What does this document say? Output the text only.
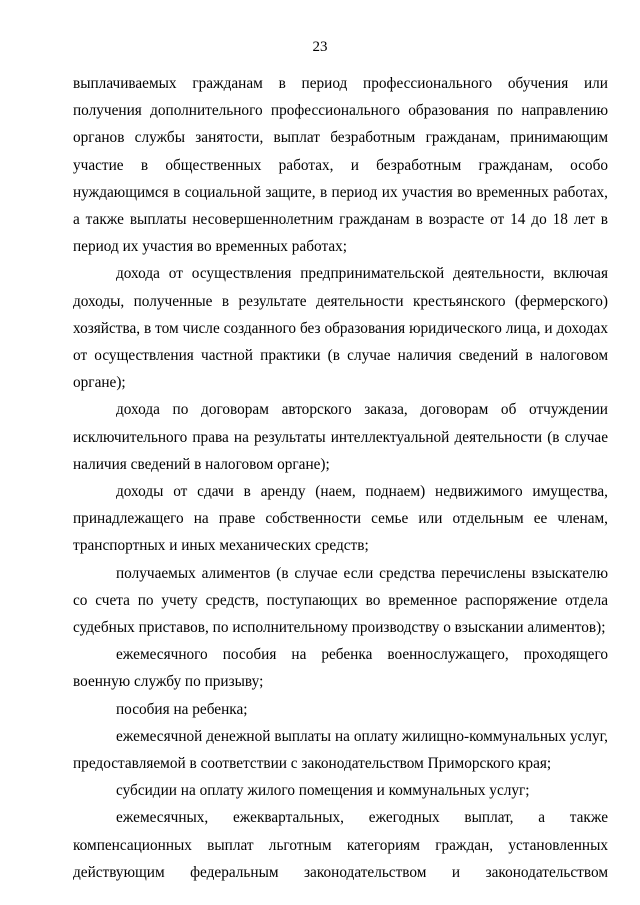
23

выплачиваемых гражданам в период профессионального обучения или получения дополнительного профессионального образования по направлению органов службы занятости, выплат безработным гражданам, принимающим участие в общественных работах, и безработным гражданам, особо нуждающимся в социальной защите, в период их участия во временных работах, а также выплаты несовершеннолетним гражданам в возрасте от 14 до 18 лет в период их участия во временных работах;

дохода от осуществления предпринимательской деятельности, включая доходы, полученные в результате деятельности крестьянского (фермерского) хозяйства, в том числе созданного без образования юридического лица, и доходах от осуществления частной практики (в случае наличия сведений в налоговом органе);

дохода по договорам авторского заказа, договорам об отчуждении исключительного права на результаты интеллектуальной деятельности (в случае наличия сведений в налоговом органе);

доходы от сдачи в аренду (наем, поднаем) недвижимого имущества, принадлежащего на праве собственности семье или отдельным ее членам, транспортных и иных механических средств;

получаемых алиментов (в случае если средства перечислены взыскателю со счета по учету средств, поступающих во временное распоряжение отдела судебных приставов, по исполнительному производству о взыскании алиментов);

ежемесячного пособия на ребенка военнослужащего, проходящего военную службу по призыву;

пособия на ребенка;

ежемесячной денежной выплаты на оплату жилищно-коммунальных услуг, предоставляемой в соответствии с законодательством Приморского края;

субсидии на оплату жилого помещения и коммунальных услуг;

ежемесячных, ежеквартальных, ежегодных выплат, а также компенсационных выплат льготным категориям граждан, установленных действующим федеральным законодательством и законодательством
